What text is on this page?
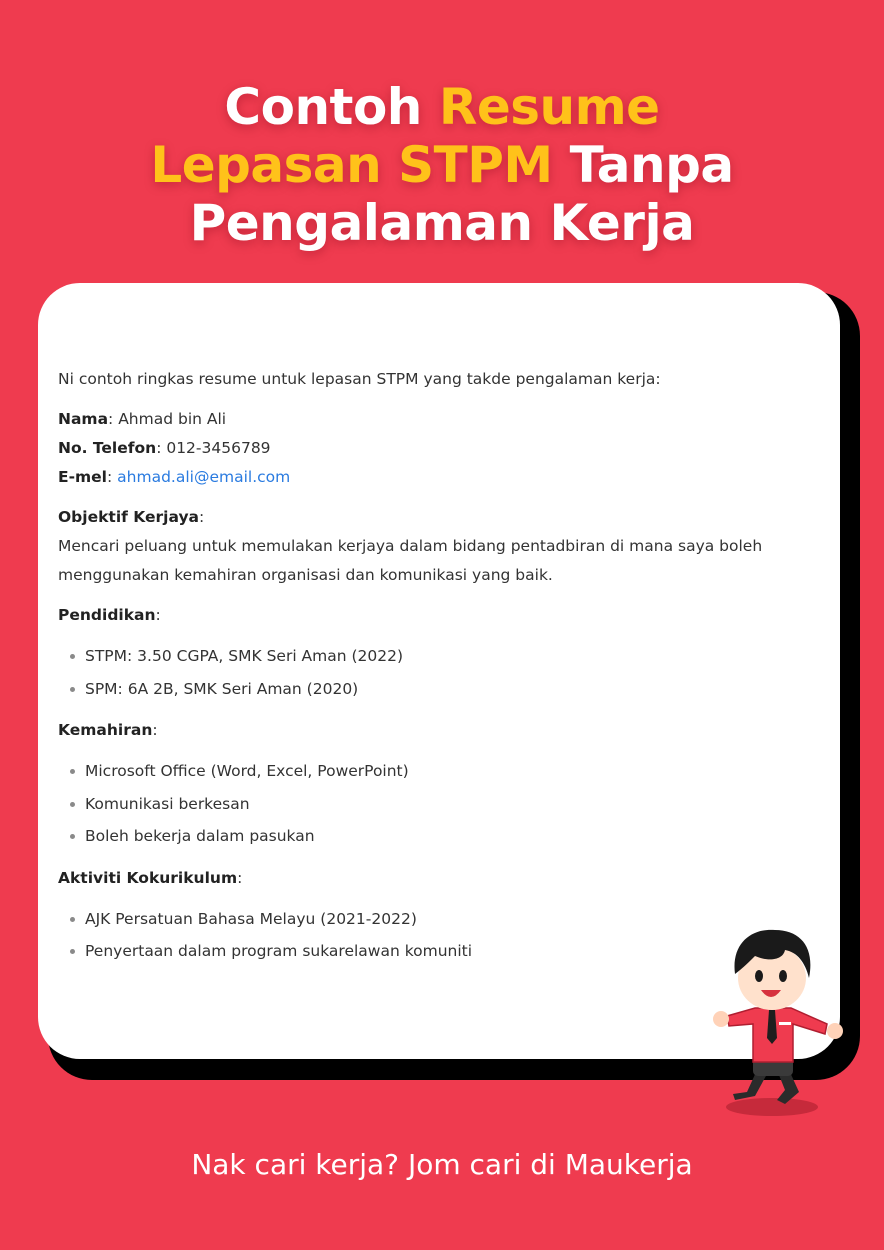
Contoh Resume
Lepasan STPM Tanpa
Pengalaman Kerja
Ni contoh ringkas resume untuk lepasan STPM yang takde pengalaman kerja:
Nama: Ahmad bin Ali
No. Telefon: 012-3456789
E-mel: ahmad.ali@email.com
Objektif Kerjaya:
Mencari peluang untuk memulakan kerjaya dalam bidang pentadbiran di mana saya boleh menggunakan kemahiran organisasi dan komunikasi yang baik.
Pendidikan:
STPM: 3.50 CGPA, SMK Seri Aman (2022)
SPM: 6A 2B, SMK Seri Aman (2020)
Kemahiran:
Microsoft Office (Word, Excel, PowerPoint)
Komunikasi berkesan
Boleh bekerja dalam pasukan
Aktiviti Kokurikulum:
AJK Persatuan Bahasa Melayu (2021-2022)
Penyertaan dalam program sukarelawan komuniti
Nak cari kerja? Jom cari di Maukerja
